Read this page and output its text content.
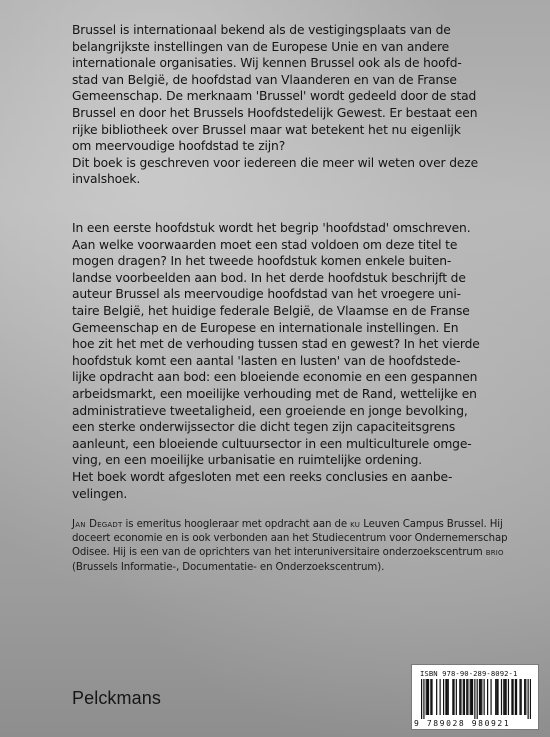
Brussel is internationaal bekend als de vestigingsplaats van de
belangrijkste instellingen van de Europese Unie en van andere
internationale organisaties. Wij kennen Brussel ook als de hoofd-
stad van België, de hoofdstad van Vlaanderen en van de Franse
Gemeenschap. De merknaam 'Brussel' wordt gedeeld door de stad
Brussel en door het Brussels Hoofdstedelijk Gewest. Er bestaat een
rijke bibliotheek over Brussel maar wat betekent het nu eigenlijk
om meervoudige hoofdstad te zijn?
Dit boek is geschreven voor iedereen die meer wil weten over deze
invalshoek.

In een eerste hoofdstuk wordt het begrip 'hoofdstad' omschreven.
Aan welke voorwaarden moet een stad voldoen om deze titel te
mogen dragen? In het tweede hoofdstuk komen enkele buiten-
landse voorbeelden aan bod. In het derde hoofdstuk beschrijft de
auteur Brussel als meervoudige hoofdstad van het vroegere uni-
taire België, het huidige federale België, de Vlaamse en de Franse
Gemeenschap en de Europese en internationale instellingen. En
hoe zit het met de verhouding tussen stad en gewest? In het vierde
hoofdstuk komt een aantal 'lasten en lusten' van de hoofdstede-
lijke opdracht aan bod: een bloeiende economie en een gespannen
arbeidsmarkt, een moeilijke verhouding met de Rand, wettelijke en
administratieve tweetaligheid, een groeiende en jonge bevolking,
een sterke onderwijssector die dicht tegen zijn capaciteitsgrens
aanleunt, een bloeiende cultuursector in een multiculturele omge-
ving, en een moeilijke urbanisatie en ruimtelijke ordening.
Het boek wordt afgesloten met een reeks conclusies en aanbe-
velingen.

Jan Degadt is emeritus hoogleraar met opdracht aan de ku Leuven Campus Brussel. Hij doceert economie en is ook verbonden aan het Studiecentrum voor Ondernemerschap Odisee. Hij is een van de oprichters van het interuniversitaire onderzoekscentrum brio (Brussels Informatie-, Documentatie- en Onderzoekscentrum).

Pelckmans
ISBN 978-90-289-8092-1
9 789028 980921
